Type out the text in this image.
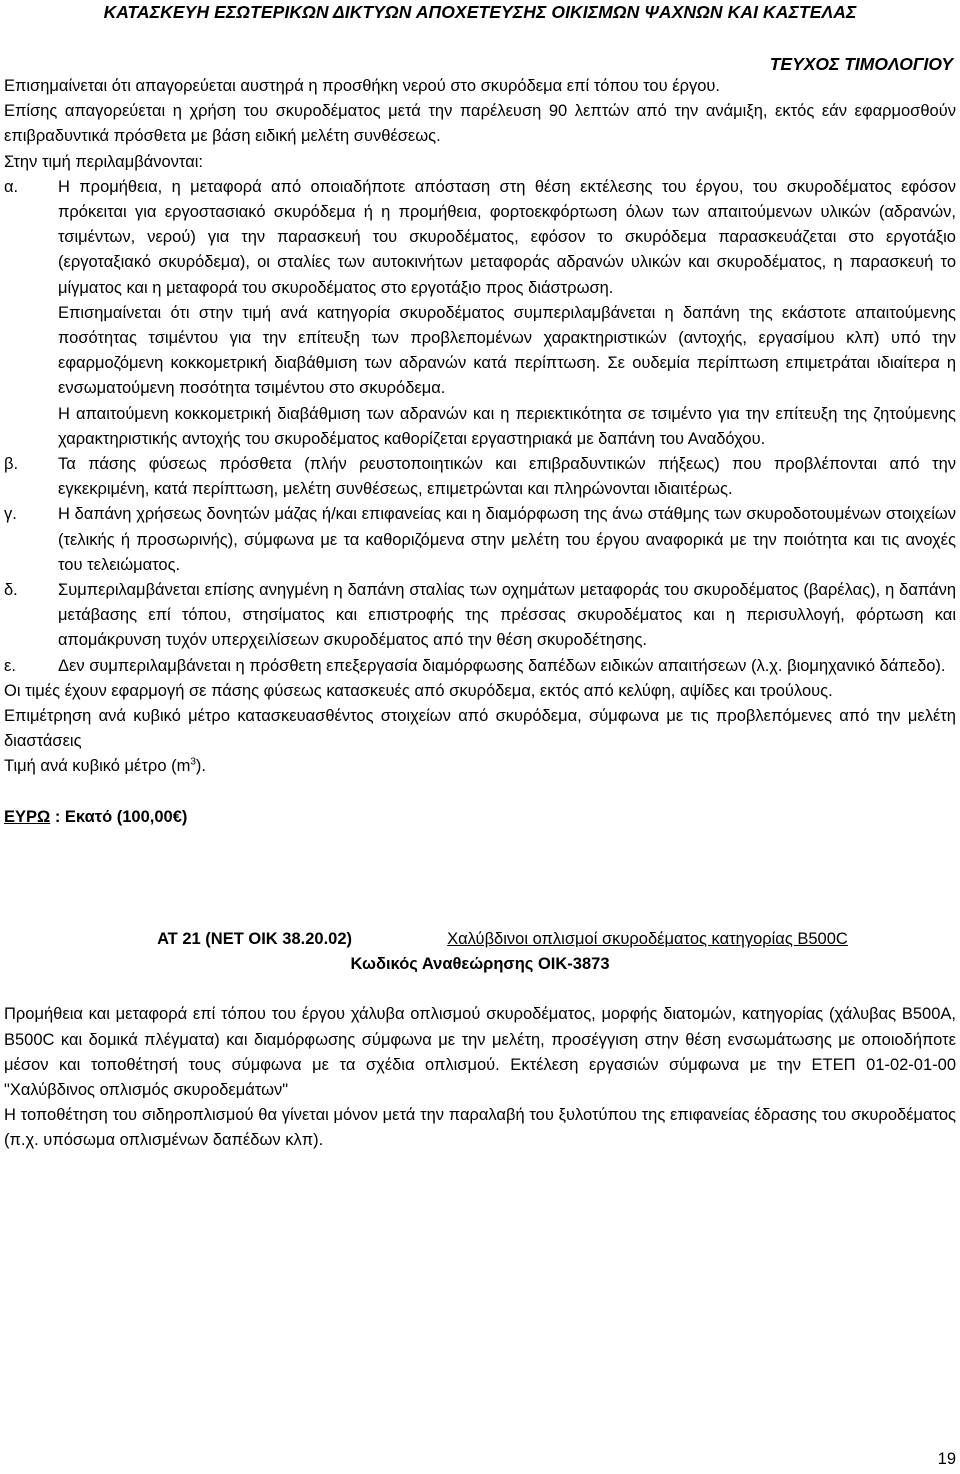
ΚΑΤΑΣΚΕΥΗ ΕΣΩΤΕΡΙΚΩΝ ΔΙΚΤΥΩΝ ΑΠΟΧΕΤΕΥΣΗΣ ΟΙΚΙΣΜΩΝ ΨΑΧΝΩΝ ΚΑΙ ΚΑΣΤΕΛΑΣ
ΤΕΥΧΟΣ ΤΙΜΟΛΟΓΙΟΥ

Επισημαίνεται ότι απαγορεύεται αυστηρά η προσθήκη νερού στο σκυρόδεμα επί τόπου του έργου.

Επίσης απαγορεύεται η χρήση του σκυροδέματος μετά την παρέλευση 90 λεπτών από την ανάμιξη, εκτός εάν εφαρμοσθούν επιβραδυντικά πρόσθετα με βάση ειδική μελέτη συνθέσεως.

Στην τιμή περιλαμβάνονται:

α.	Η προμήθεια, η μεταφορά από οποιαδήποτε απόσταση στη θέση εκτέλεσης του έργου, του σκυροδέματος εφόσον πρόκειται για εργοστασιακό σκυρόδεμα ή η προμήθεια, φορτοεκφόρτωση όλων των απαιτούμενων υλικών (αδρανών, τσιμέντων, νερού) για την παρασκευή του σκυροδέματος, εφόσον το σκυρόδεμα παρασκευάζεται στο εργοτάξιο (εργοταξιακό σκυρόδεμα), οι σταλίες των αυτοκινήτων μεταφοράς αδρανών υλικών και σκυροδέματος, η παρασκευή το μίγματος και η μεταφορά του σκυροδέματος στο εργοτάξιο προς διάστρωση.

Επισημαίνεται ότι στην τιμή ανά κατηγορία σκυροδέματος συμπεριλαμβάνεται η δαπάνη της εκάστοτε απαιτούμενης ποσότητας τσιμέντου για την επίτευξη των προβλεπομένων χαρακτηριστικών (αντοχής, εργασίμου κλπ) υπό την εφαρμοζόμενη κοκκομετρική διαβάθμιση των αδρανών κατά περίπτωση. Σε ουδεμία περίπτωση επιμετράται ιδιαίτερα η ενσωματούμενη ποσότητα τσιμέντου στο σκυρόδεμα.

Η απαιτούμενη κοκκομετρική διαβάθμιση των αδρανών και η περιεκτικότητα σε τσιμέντο για την επίτευξη της ζητούμενης χαρακτηριστικής αντοχής του σκυροδέματος καθορίζεται εργαστηριακά με δαπάνη του Αναδόχου.

β.	Τα πάσης φύσεως πρόσθετα (πλήν ρευστοποιητικών και επιβραδυντικών πήξεως) που προβλέπονται από την εγκεκριμένη, κατά περίπτωση, μελέτη συνθέσεως, επιμετρώνται και πληρώνονται ιδιαιτέρως.

γ.	Η δαπάνη χρήσεως δονητών μάζας ή/και επιφανείας και η διαμόρφωση της άνω στάθμης των σκυροδοτουμένων στοιχείων (τελικής ή προσωρινής), σύμφωνα με τα καθοριζόμενα στην μελέτη του έργου αναφορικά με την ποιότητα και τις ανοχές του τελειώματος.

δ.	Συμπεριλαμβάνεται επίσης ανηγμένη η δαπάνη σταλίας των οχημάτων μεταφοράς του σκυροδέματος (βαρέλας), η δαπάνη μετάβασης επί τόπου, στησίματος και επιστροφής της πρέσσας σκυροδέματος και η περισυλλογή, φόρτωση και απομάκρυνση τυχόν υπερχειλίσεων σκυροδέματος από την θέση σκυροδέτησης.

ε.	Δεν συμπεριλαμβάνεται η πρόσθετη επεξεργασία διαμόρφωσης δαπέδων ειδικών απαιτήσεων (λ.χ. βιομηχανικό δάπεδο).

Οι τιμές έχουν εφαρμογή σε πάσης φύσεως κατασκευές από σκυρόδεμα, εκτός από κελύφη, αψίδες και τρούλους.

Επιμέτρηση ανά κυβικό μέτρο κατασκευασθέντος στοιχείων από σκυρόδεμα, σύμφωνα με τις προβλεπόμενες από την μελέτη διαστάσεις

Τιμή ανά κυβικό μέτρο $(m^3)$.

ΕΥΡΩ : Εκατό (100,00€)

ΑΤ 21 (ΝΕΤ ΟΙΚ 38.20.02)	Χαλύβδινοι οπλισμοί σκυροδέματος κατηγορίας Β500C

Κωδικός Αναθεώρησης ΟΙΚ-3873

Προμήθεια και μεταφορά επί τόπου του έργου χάλυβα οπλισμού σκυροδέματος, μορφής διατομών, κατηγορίας (χάλυβας Β500Α, Β500C και δομικά πλέγματα) και διαμόρφωσης σύμφωνα με την μελέτη, προσέγγιση στην θέση ενσωμάτωσης με οποιοδήποτε μέσον και τοποθέτησή τους σύμφωνα με τα σχέδια οπλισμού. Εκτέλεση εργασιών σύμφωνα με την ΕΤΕΠ 01-02-01-00 "Χαλύβδινος οπλισμός σκυροδεμάτων"

Η τοποθέτηση του σιδηροπλισμού θα γίνεται μόνον μετά την παραλαβή του ξυλοτύπου της επιφανείας έδρασης του σκυροδέματος (π.χ. υπόσωμα οπλισμένων δαπέδων κλπ).

19
